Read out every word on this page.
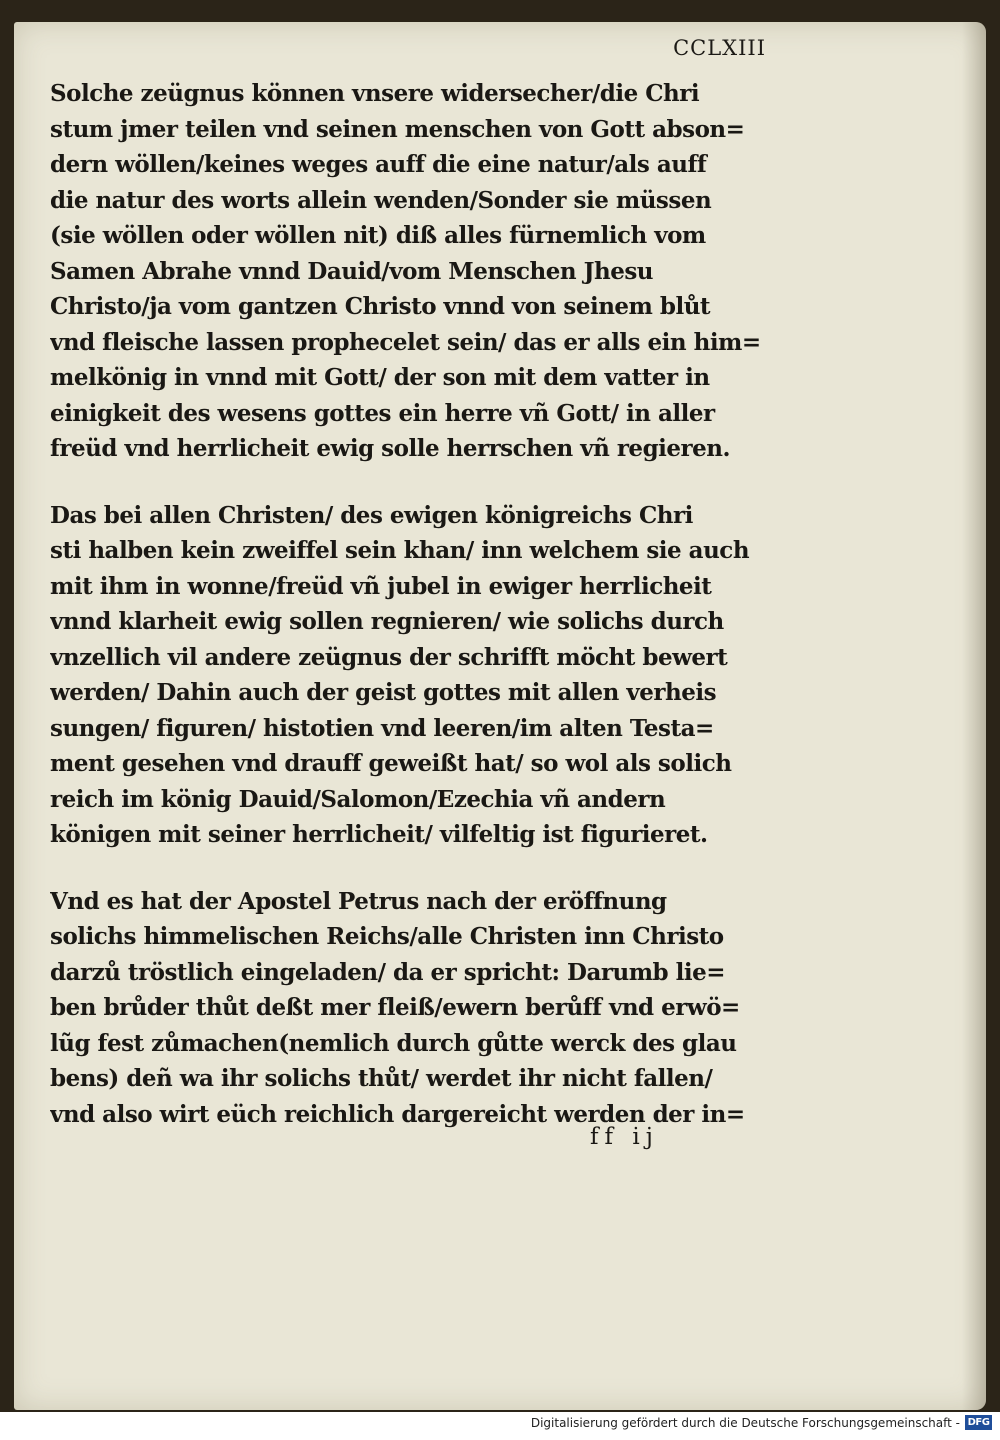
CCLXIII
Solche zeügnus können vnsere widersecher/die Chri
stum jmer teilen vnd seinen menschen von Gott abson=
dern wöllen/keines weges auff die eine natur/als auff
die natur des worts allein wenden/Sonder sie müssen
(sie wöllen oder wöllen nit) diß alles fürnemlich vom
Samen Abrahe vnnd Dauid/vom Menschen Jhesu
Christo/ja vom gantzen Christo vnnd von seinem blůt
vnd fleische lassen prophecelet sein/ das er alls ein him=
melkönig in vnnd mit Gott/ der son mit dem vatter in
einigkeit des wesens gottes ein herre vñ Gott/ in aller
freüd vnd herrlicheit ewig solle herrschen vñ regieren.
Das bei allen Christen/ des ewigen königreichs Chri
sti halben kein zweiffel sein khan/ inn welchem sie auch
mit ihm in wonne/freüd vñ jubel in ewiger herrlicheit
vnnd klarheit ewig sollen regnieren/ wie solichs durch
vnzellich vil andere zeügnus der schrifft möcht bewert
werden/ Dahin auch der geist gottes mit allen verheis
sungen/ figuren/ histotien vnd leeren/im alten Testa=
ment gesehen vnd drauff geweißt hat/ so wol als solich
reich im könig Dauid/Salomon/Ezechia vñ andern
königen mit seiner herrlicheit/ vilfeltig ist figurieret.
Vnd es hat der Apostel Petrus nach der eröffnung
solichs himmelischen Reichs/alle Christen inn Christo
darzů tröstlich eingeladen/ da er spricht: Darumb lie=
ben brůder thůt deßt mer fleiß/ewern berůff vnd erwö=
lũg fest zůmachen(nemlich durch gůtte werck des glau
bens) deñ wa ihr solichs thůt/ werdet ihr nicht fallen/
vnd also wirt eüch reichlich dargereicht werden der in=
ff ij
Digitalisierung gefördert durch die Deutsche Forschungsgemeinschaft - DFG
